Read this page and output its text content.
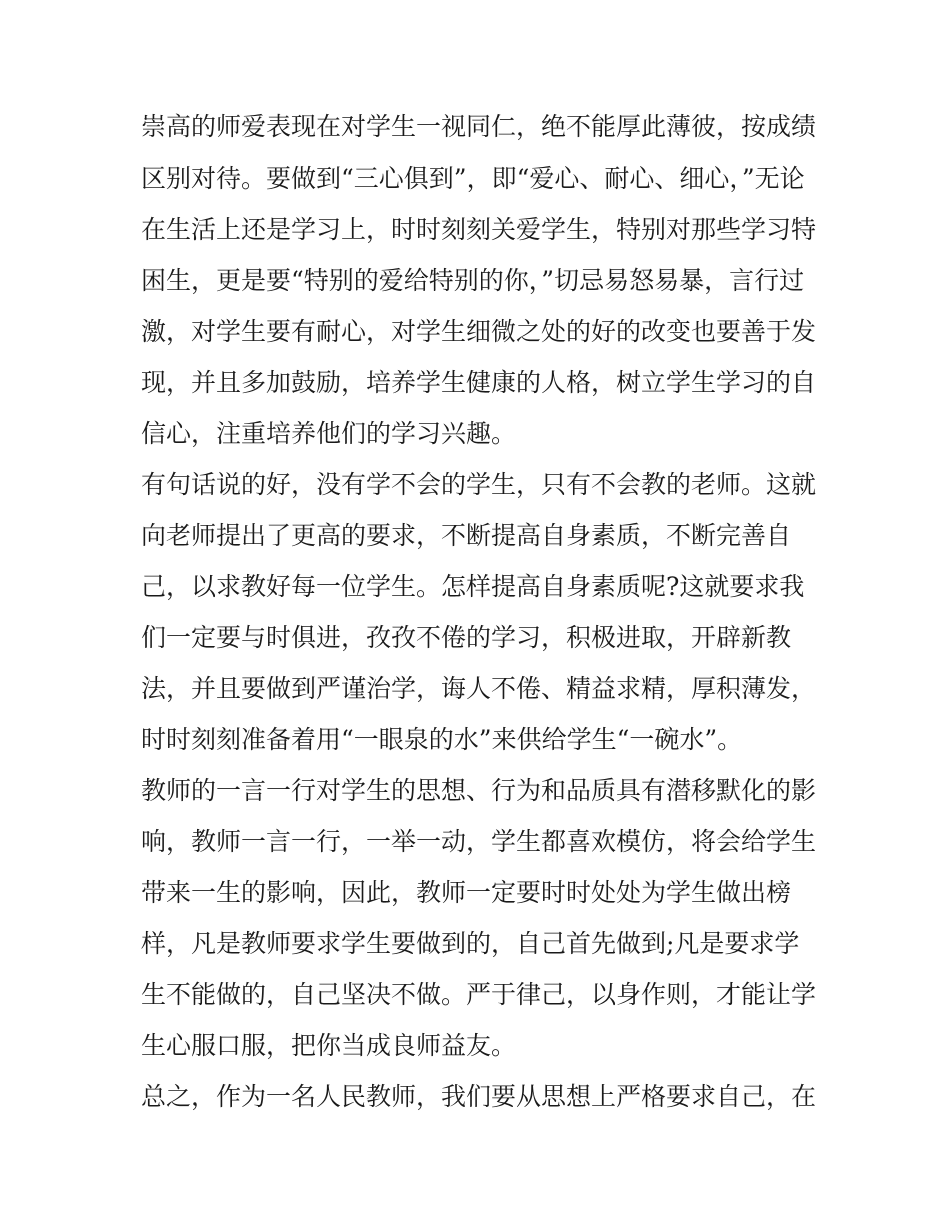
崇高的师爱表现在对学生一视同仁，绝不能厚此薄彼，按成绩
区别对待。要做到“三心俱到”，即“爱心、耐心、细心，”无论
在生活上还是学习上，时时刻刻关爱学生，特别对那些学习特
困生，更是要“特别的爱给特别的你，”切忌易怒易暴，言行过
激，对学生要有耐心，对学生细微之处的好的改变也要善于发
现，并且多加鼓励，培养学生健康的人格，树立学生学习的自
信心，注重培养他们的学习兴趣。
有句话说的好，没有学不会的学生，只有不会教的老师。这就
向老师提出了更高的要求，不断提高自身素质，不断完善自
己，以求教好每一位学生。怎样提高自身素质呢?这就要求我
们一定要与时俱进，孜孜不倦的学习，积极进取，开辟新教
法，并且要做到严谨治学，诲人不倦、精益求精，厚积薄发，
时时刻刻准备着用“一眼泉的水”来供给学生“一碗水”。
教师的一言一行对学生的思想、行为和品质具有潜移默化的影
响，教师一言一行，一举一动，学生都喜欢模仿，将会给学生
带来一生的影响，因此，教师一定要时时处处为学生做出榜
样，凡是教师要求学生要做到的，自己首先做到;凡是要求学
生不能做的，自己坚决不做。严于律己，以身作则，才能让学
生心服口服，把你当成良师益友。
总之，作为一名人民教师，我们要从思想上严格要求自己，在
